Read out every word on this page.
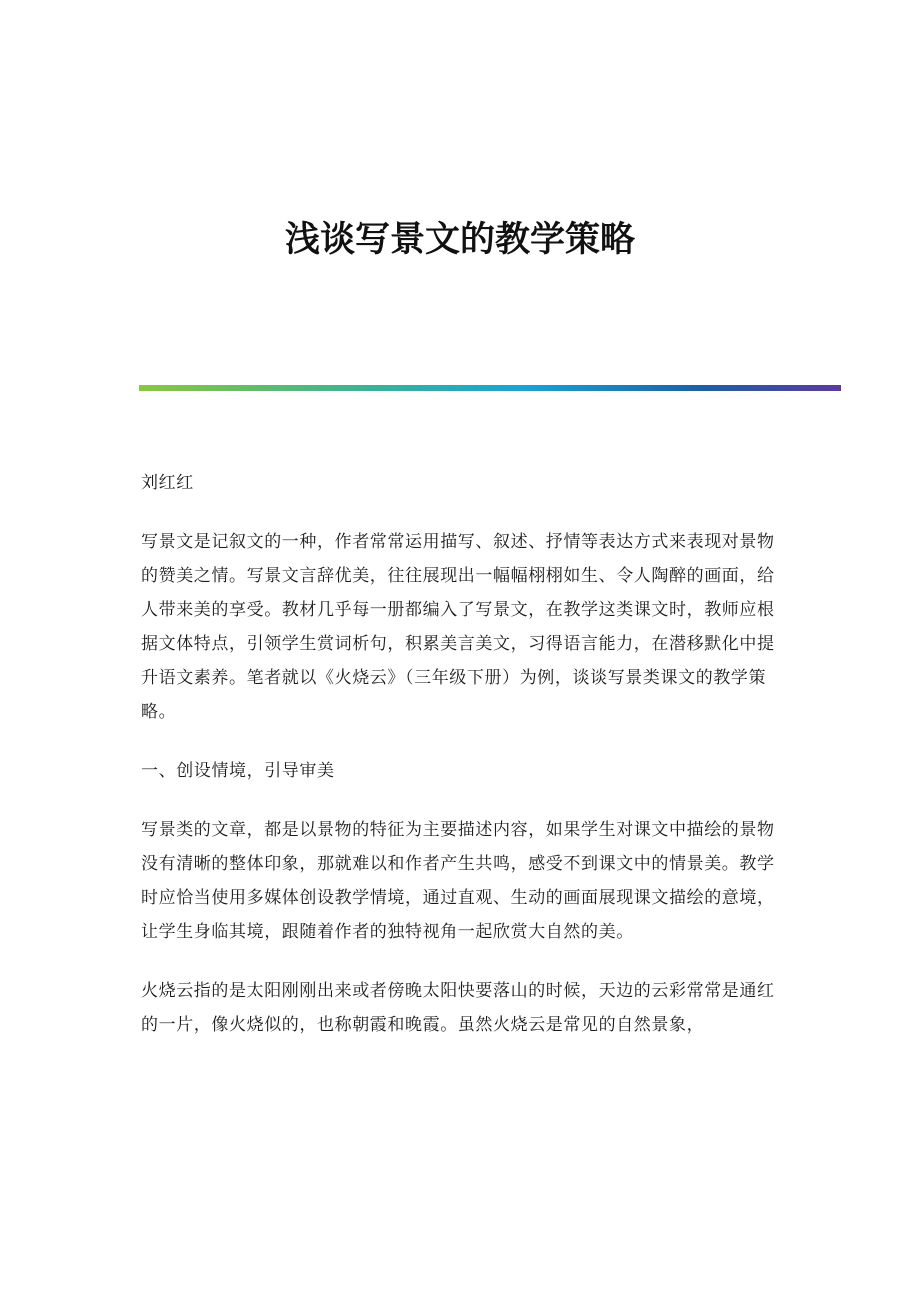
浅谈写景文的教学策略

刘红红

写景文是记叙文的一种，作者常常运用描写、叙述、抒情等表达方式来表现对景物的赞美之情。写景文言辞优美，往往展现出一幅幅栩栩如生、令人陶醉的画面，给人带来美的享受。教材几乎每一册都编入了写景文，在教学这类课文时，教师应根据文体特点，引领学生赏词析句，积累美言美文，习得语言能力，在潜移默化中提升语文素养。笔者就以《火烧云》（三年级下册）为例，谈谈写景类课文的教学策略。

一、创设情境，引导审美

写景类的文章，都是以景物的特征为主要描述内容，如果学生对课文中描绘的景物没有清晰的整体印象，那就难以和作者产生共鸣，感受不到课文中的情景美。教学时应恰当使用多媒体创设教学情境，通过直观、生动的画面展现课文描绘的意境，让学生身临其境，跟随着作者的独特视角一起欣赏大自然的美。

火烧云指的是太阳刚刚出来或者傍晚太阳快要落山的时候，天边的云彩常常是通红的一片，像火烧似的，也称朝霞和晚霞。虽然火烧云是常见的自然景象，
